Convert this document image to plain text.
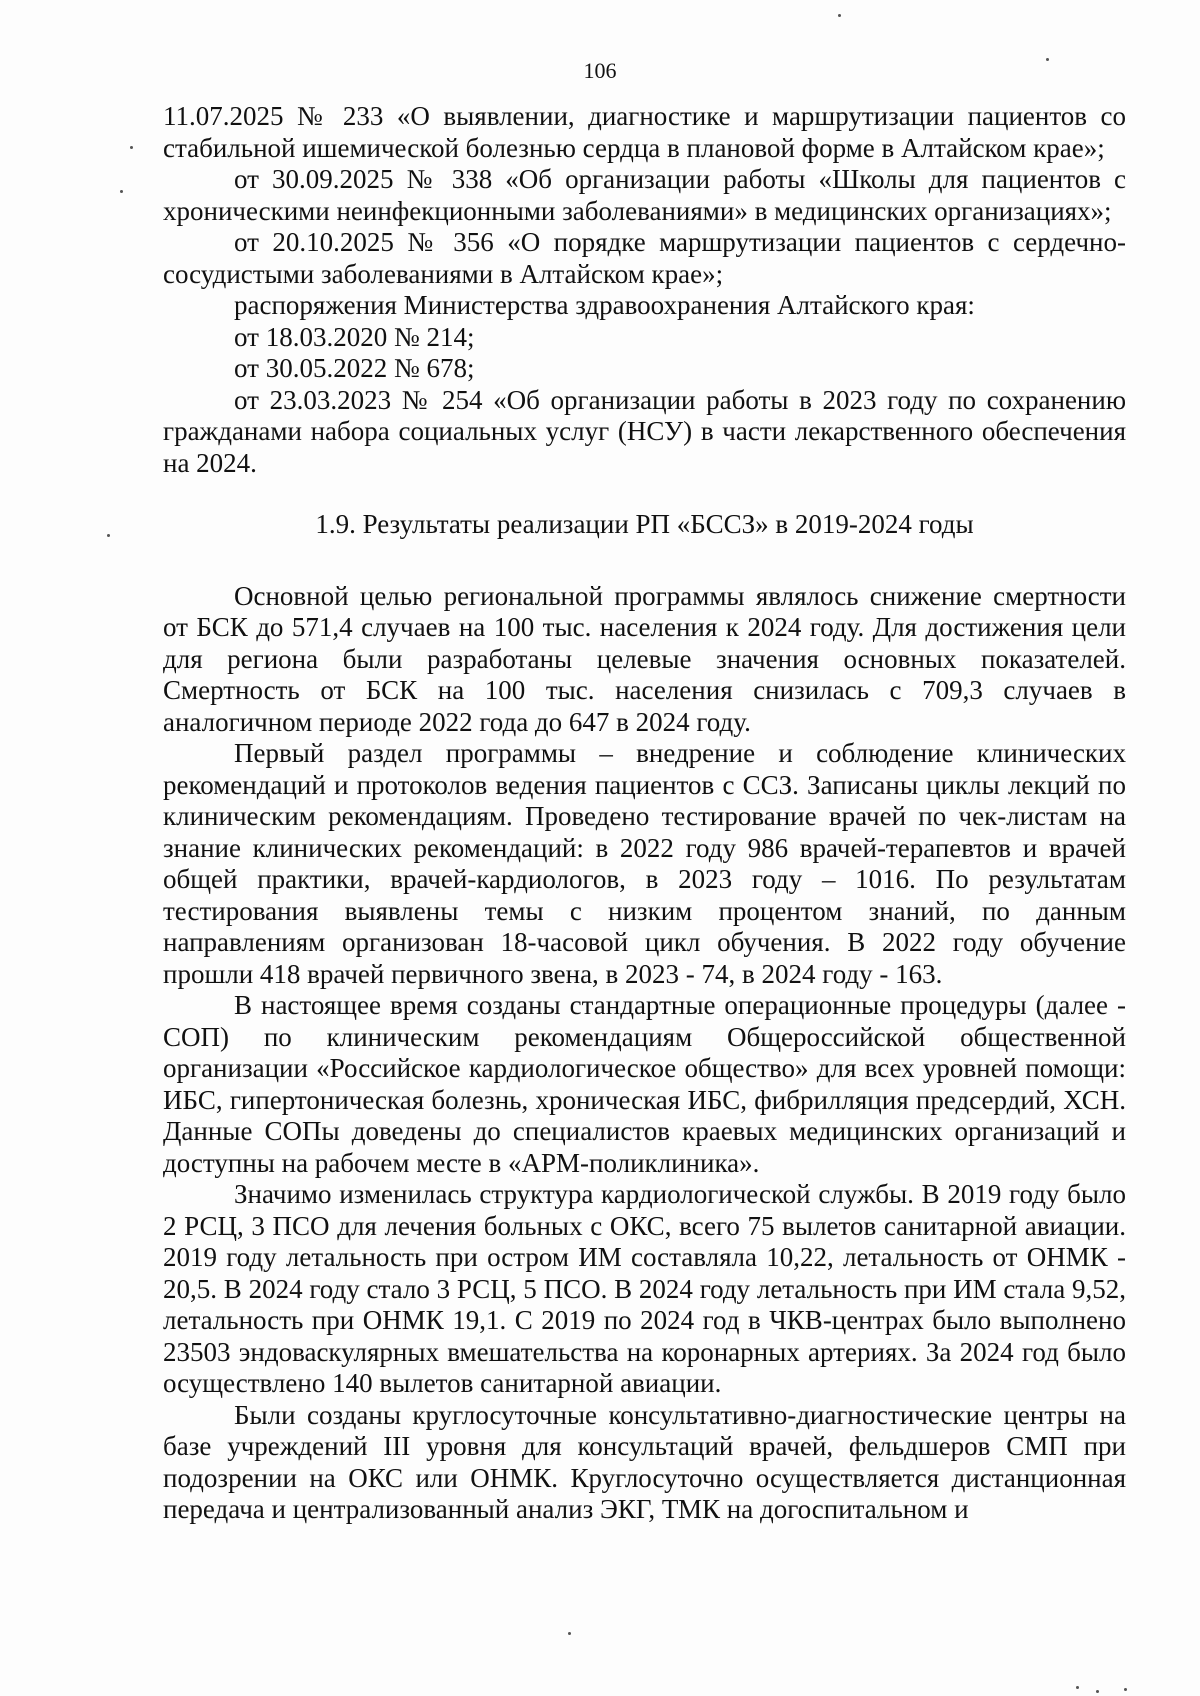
106

11.07.2025 № 233 «О выявлении, диагностике и маршрутизации пациентов со стабильной ишемической болезнью сердца в плановой форме в Алтайском крае»;

от 30.09.2025 № 338 «Об организации работы «Школы для пациентов с хроническими неинфекционными заболеваниями» в медицинских организациях»;

от 20.10.2025 № 356 «О порядке маршрутизации пациентов с сердечно-сосудистыми заболеваниями в Алтайском крае»;

распоряжения Министерства здравоохранения Алтайского края:

от 18.03.2020 № 214;

от 30.05.2022 № 678;

от 23.03.2023 № 254 «Об организации работы в 2023 году по сохранению гражданами набора социальных услуг (НСУ) в части лекарственного обеспечения на 2024.

1.9. Результаты реализации РП «БССЗ» в 2019-2024 годы

Основной целью региональной программы являлось снижение смертности от БСК до 571,4 случаев на 100 тыс. населения к 2024 году. Для достижения цели для региона были разработаны целевые значения основных показателей. Смертность от БСК на 100 тыс. населения снизилась с 709,3 случаев в аналогичном периоде 2022 года до 647 в 2024 году.

Первый раздел программы – внедрение и соблюдение клинических рекомендаций и протоколов ведения пациентов с ССЗ. Записаны циклы лекций по клиническим рекомендациям. Проведено тестирование врачей по чек-листам на знание клинических рекомендаций: в 2022 году 986 врачей-терапевтов и врачей общей практики, врачей-кардиологов, в 2023 году – 1016. По результатам тестирования выявлены темы с низким процентом знаний, по данным направлениям организован 18-часовой цикл обучения. В 2022 году обучение прошли 418 врачей первичного звена, в 2023 - 74, в 2024 году - 163.

В настоящее время созданы стандартные операционные процедуры (далее - СОП) по клиническим рекомендациям Общероссийской общественной организации «Российское кардиологическое общество» для всех уровней помощи: ИБС, гипертоническая болезнь, хроническая ИБС, фибрилляция предсердий, ХСН. Данные СОПы доведены до специалистов краевых медицинских организаций и доступны на рабочем месте в «АРМ-поликлиника».

Значимо изменилась структура кардиологической службы. В 2019 году было 2 РСЦ, 3 ПСО для лечения больных с ОКС, всего 75 вылетов санитарной авиации. 2019 году летальность при остром ИМ составляла 10,22, летальность от ОНМК - 20,5. В 2024 году стало 3 РСЦ, 5 ПСО. В 2024 году летальность при ИМ стала 9,52, летальность при ОНМК 19,1. С 2019 по 2024 год в ЧКВ-центрах было выполнено 23503 эндоваскулярных вмешательства на коронарных артериях. За 2024 год было осуществлено 140 вылетов санитарной авиации.

Были созданы круглосуточные консультативно-диагностические центры на базе учреждений III уровня для консультаций врачей, фельдшеров СМП при подозрении на ОКС или ОНМК. Круглосуточно осуществляется дистанционная передача и централизованный анализ ЭКГ, ТМК на догоспитальном и
